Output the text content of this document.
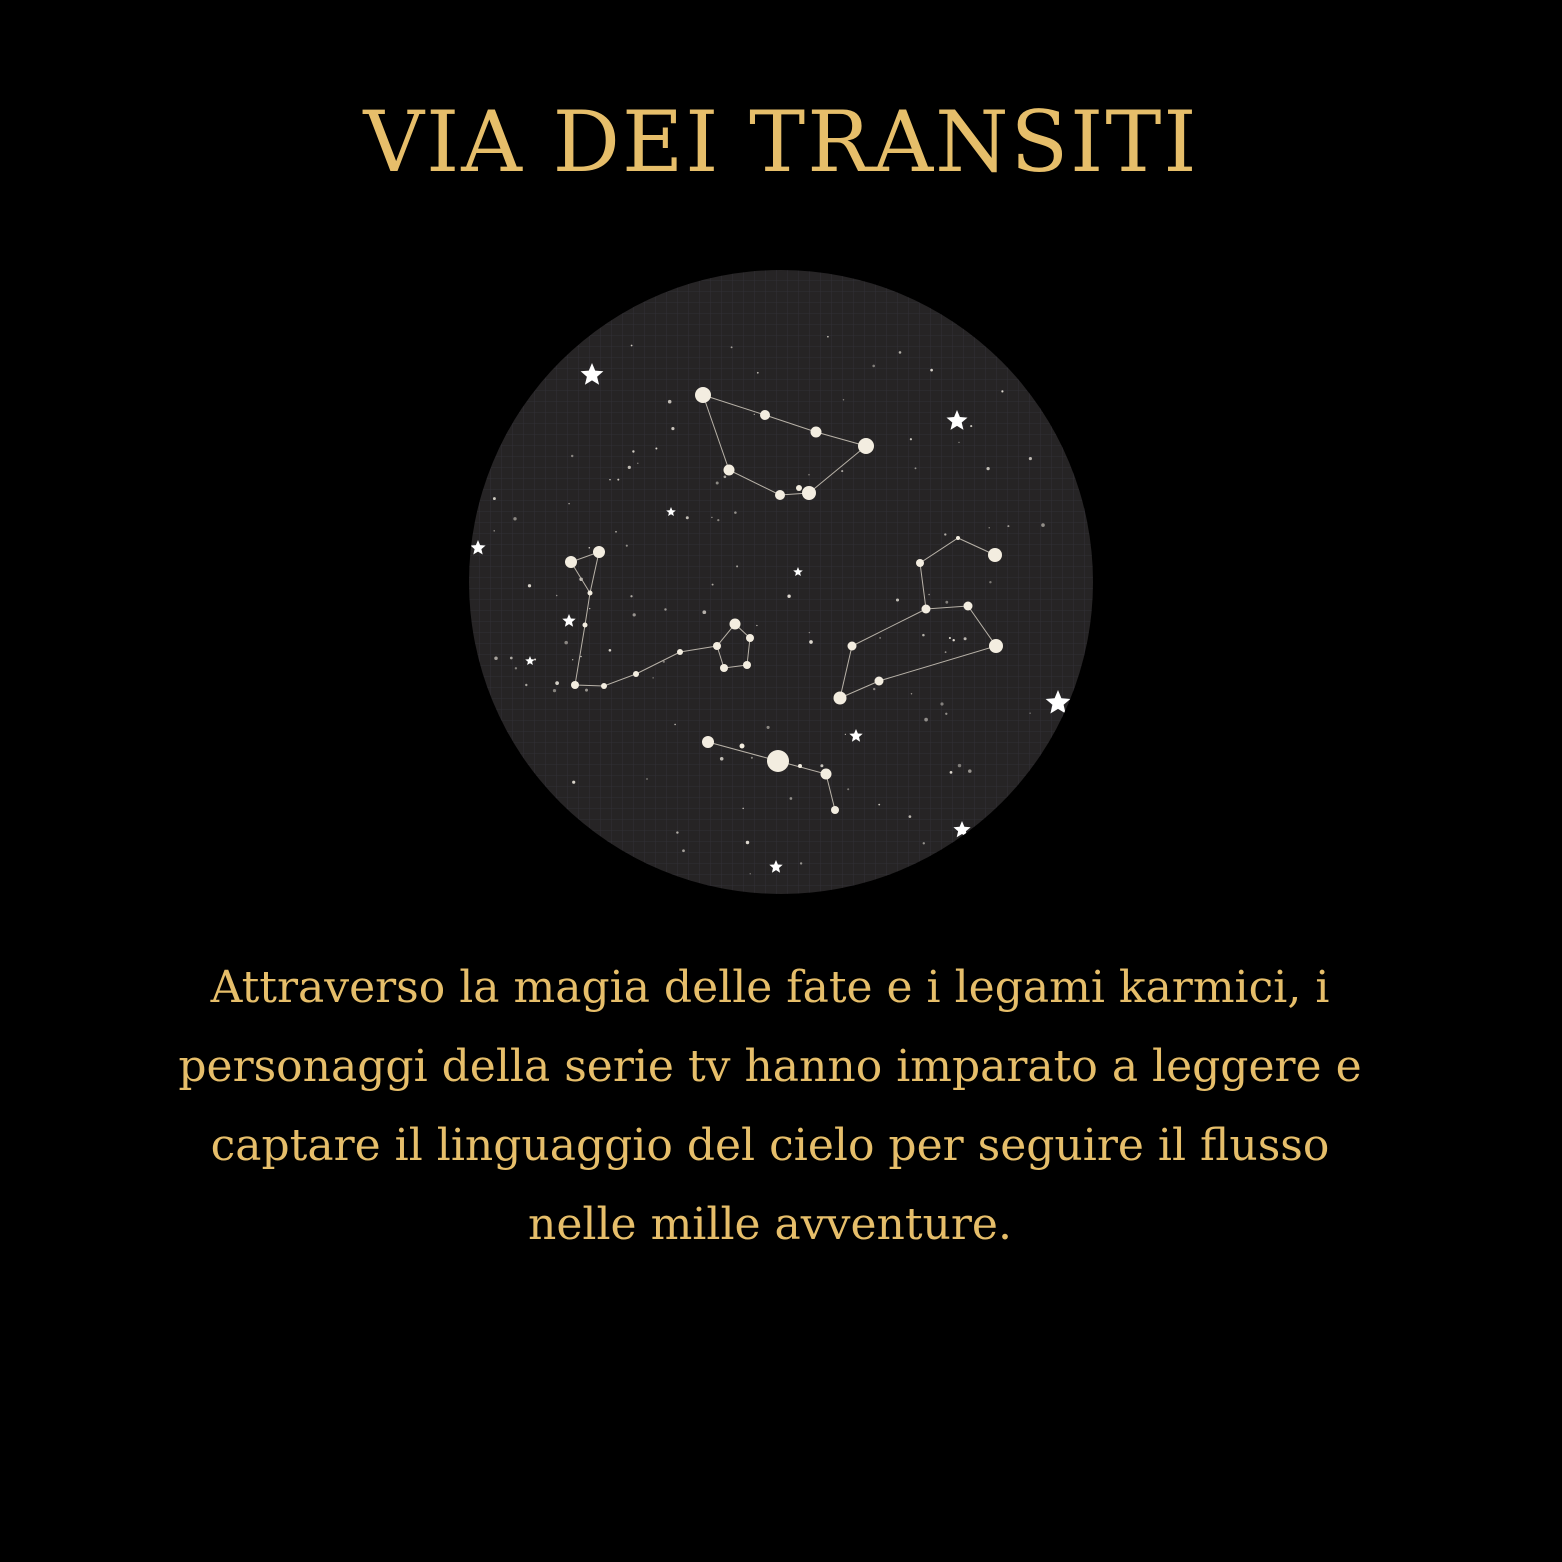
VIA DEI TRANSITI

Attraverso la magia delle fate e i legami karmici, i
personaggi della serie tv hanno imparato a leggere e
captare il linguaggio del cielo per seguire il flusso
nelle mille avventure.
